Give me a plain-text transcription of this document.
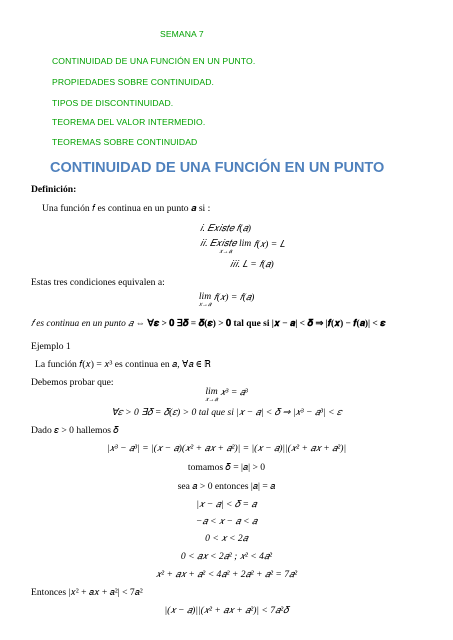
SEMANA 7
CONTINUIDAD DE UNA FUNCIÓN EN UN PUNTO.
PROPIEDADES SOBRE CONTINUIDAD.
TIPOS DE DISCONTINUIDAD.
TEOREMA DEL VALOR INTERMEDIO.
TEOREMAS SOBRE CONTINUIDAD
CONTINUIDAD DE UNA FUNCIÓN EN UN PUNTO
Definición:
Una función 𝑓 es continua en un punto 𝒂 si :
𝑖. 𝐸𝑥𝑖𝑠𝑡𝑒 𝑓(𝑎)
𝑖𝑖. 𝐸𝑥𝑖𝑠𝑡𝑒 lim
𝑥→𝑎
𝑓(𝑥) = 𝐿
𝑖𝑖𝑖. 𝐿 = 𝑓(𝑎)
Estas tres condiciones equivalen a:
lim
𝑥→𝑎
𝑓(𝑥) = 𝑓(𝑎)
𝑓 es continua en un punto 𝑎 ⇔ ∀𝜺 > 𝟎 ∃𝜹 = 𝜹(𝜺) > 𝟎 tal que si |𝒙 − 𝒂| < 𝜹 ⇒ |𝒇(𝒙) − 𝒇(𝒂)| < 𝜺
Ejemplo 1
La función 𝑓(𝑥) = 𝑥³ es continua en 𝑎, ∀𝑎 ∈ ℝ
Debemos probar que:
lim
𝑥→𝑎
𝑥³ = 𝑎³
∀𝜀 > 0 ∃𝛿 = 𝛿(𝜀) > 0 tal que si |𝑥 − 𝑎| < 𝛿 ⇒ |𝑥³ − 𝑎³| < 𝜀
Dado 𝜀 > 0 hallemos 𝛿
|𝑥³ − 𝑎³| = |(𝑥 − 𝑎)(𝑥² + 𝑎𝑥 + 𝑎²)| = |(𝑥 − 𝑎)||(𝑥² + 𝑎𝑥 + 𝑎²)|
tomamos 𝛿 = |𝑎| > 0
sea 𝑎 > 0 entonces |𝑎| = 𝑎
|𝑥 − 𝑎| < 𝛿 = 𝑎
−𝑎 < 𝑥 − 𝑎 < 𝑎
0 < 𝑥 < 2𝑎
0 < 𝑎𝑥 < 2𝑎² ; 𝑥² < 4𝑎²
𝑥² + 𝑎𝑥 + 𝑎² < 4𝑎² + 2𝑎² + 𝑎² = 7𝑎²
Entonces |𝑥² + 𝑎𝑥 + 𝑎²| < 7𝑎²
|(𝑥 − 𝑎)||(𝑥² + 𝑎𝑥 + 𝑎²)| < 7𝑎²𝛿
